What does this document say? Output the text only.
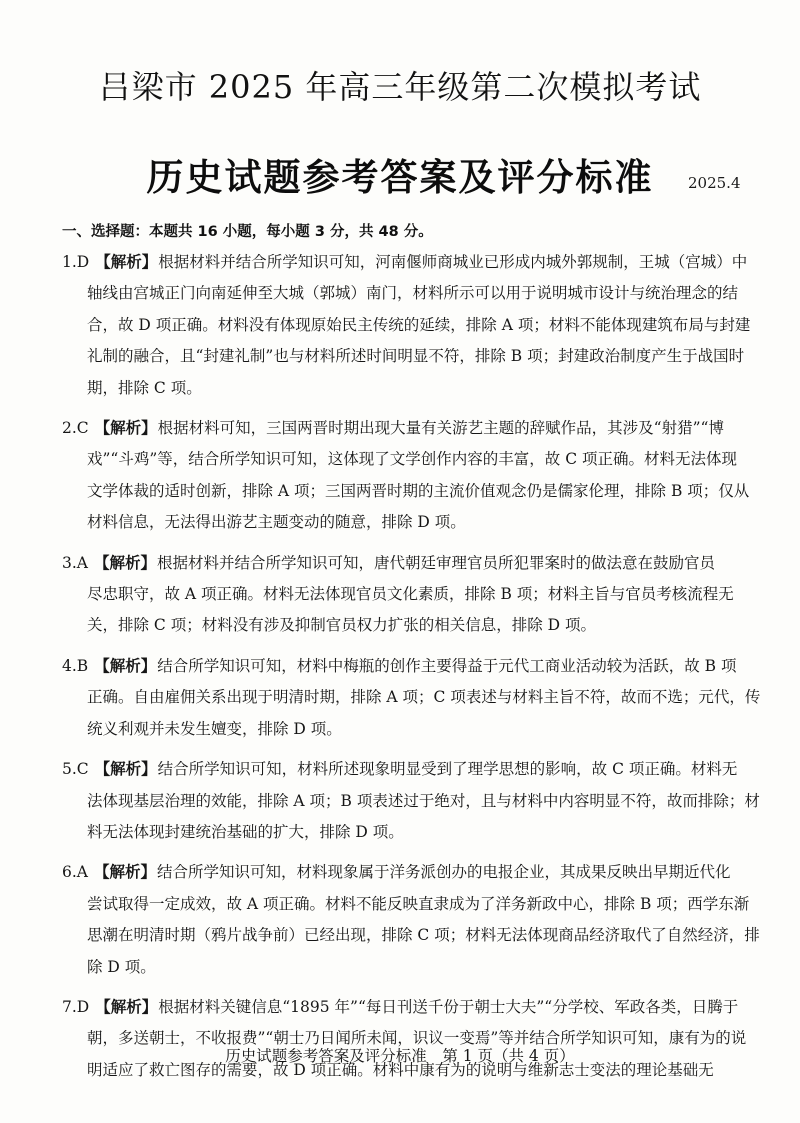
吕梁市 2025 年高三年级第二次模拟考试
历史试题参考答案及评分标准	2025.4
一、选择题：本题共 16 小题，每小题 3 分，共 48 分。
1.D 【解析】根据材料并结合所学知识可知，河南偃师商城业已形成内城外郭规制，王城（宫城）中
轴线由宫城正门向南延伸至大城（郭城）南门，材料所示可以用于说明城市设计与统治理念的结
合，故 D 项正确。材料没有体现原始民主传统的延续，排除 A 项；材料不能体现建筑布局与封建
礼制的融合，且“封建礼制”也与材料所述时间明显不符，排除 B 项；封建政治制度产生于战国时
期，排除 C 项。
2.C 【解析】根据材料可知，三国两晋时期出现大量有关游艺主题的辞赋作品，其涉及“射猎”“博
戏”“斗鸡”等，结合所学知识可知，这体现了文学创作内容的丰富，故 C 项正确。材料无法体现
文学体裁的适时创新，排除 A 项；三国两晋时期的主流价值观念仍是儒家伦理，排除 B 项；仅从
材料信息，无法得出游艺主题变动的随意，排除 D 项。
3.A 【解析】根据材料并结合所学知识可知，唐代朝廷审理官员所犯罪案时的做法意在鼓励官员
尽忠职守，故 A 项正确。材料无法体现官员文化素质，排除 B 项；材料主旨与官员考核流程无
关，排除 C 项；材料没有涉及抑制官员权力扩张的相关信息，排除 D 项。
4.B 【解析】结合所学知识可知，材料中梅瓶的创作主要得益于元代工商业活动较为活跃，故 B 项
正确。自由雇佣关系出现于明清时期，排除 A 项；C 项表述与材料主旨不符，故而不选；元代，传
统义利观并未发生嬗变，排除 D 项。
5.C 【解析】结合所学知识可知，材料所述现象明显受到了理学思想的影响，故 C 项正确。材料无
法体现基层治理的效能，排除 A 项；B 项表述过于绝对，且与材料中内容明显不符，故而排除；材
料无法体现封建统治基础的扩大，排除 D 项。
6.A 【解析】结合所学知识可知，材料现象属于洋务派创办的电报企业，其成果反映出早期近代化
尝试取得一定成效，故 A 项正确。材料不能反映直隶成为了洋务新政中心，排除 B 项；西学东渐
思潮在明清时期（鸦片战争前）已经出现，排除 C 项；材料无法体现商品经济取代了自然经济，排
除 D 项。
7.D 【解析】根据材料关键信息“1895 年”“每日刊送千份于朝士大夫”“分学校、军政各类，日腾于
朝，多送朝士，不收报费”“朝士乃日闻所未闻，识议一变焉”等并结合所学知识可知，康有为的说
明适应了救亡图存的需要，故 D 项正确。材料中康有为的说明与维新志士变法的理论基础无
历史试题参考答案及评分标准　第 1 页（共 4 页）
